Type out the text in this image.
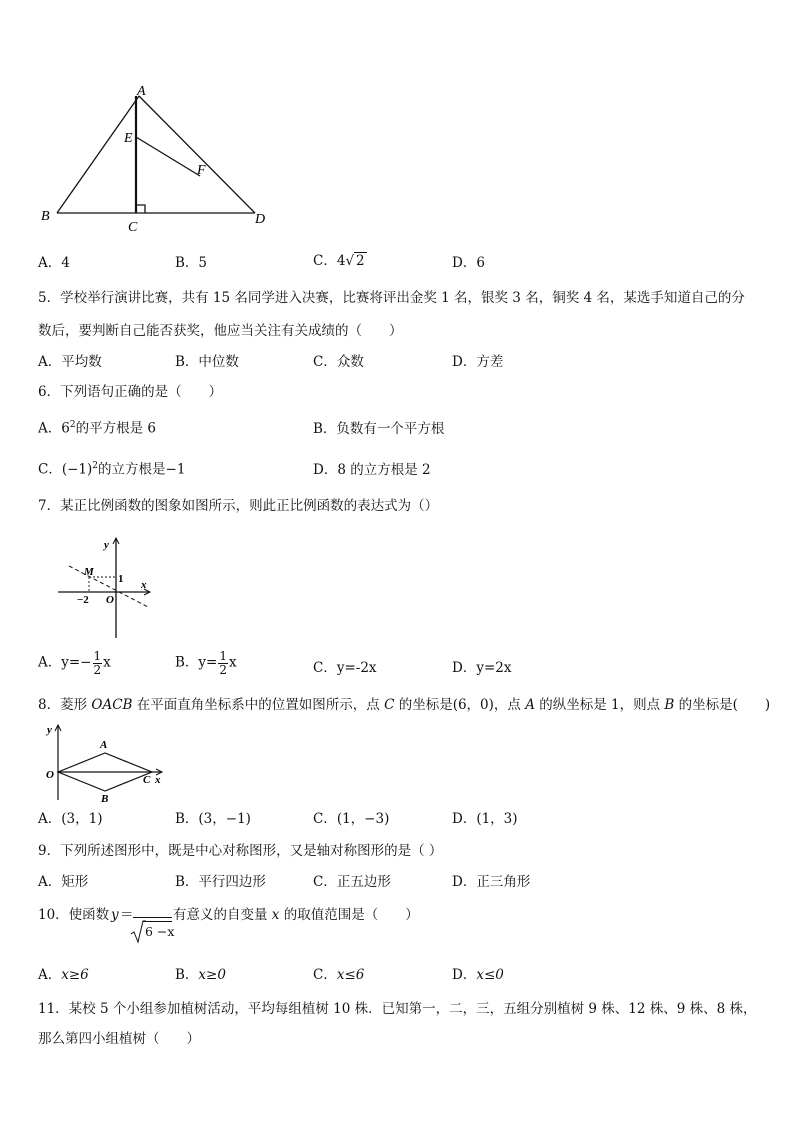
A
E
F
B
C
D
A．4	B．5	C．4√ 2	D．6
5．学校举行演讲比赛，共有 15 名同学进入决赛，比赛将评出金奖 1 名，银奖 3 名，铜奖 4 名，某选手知道自己的分
数后，要判断自己能否获奖，他应当关注有关成绩的（　　）
A．平均数	B．中位数	C．众数	D．方差
6．下列语句正确的是（　　）
A．$6^2$的平方根是 6	B．负数有一个平方根
C．$(-1)^2$的立方根是−1	D．8 的立方根是 2
7．某正比例函数的图象如图所示，则此正比例函数的表达式为（）
y
M
1 x
−2 O
A．$y=- \frac{1}{2}$ x	B．$y= \frac{1}{2}$ x	C．y=-2x	D．y=2x
8．菱形 OACB 在平面直角坐标系中的位置如图所示，点 C 的坐标是(6，0)，点 A 的纵坐标是 1，则点 B 的坐标是(　　)
y
A
O	C x
B
A．(3，1)	B．(3，−1)	C．(1，−3)	D．(1，3)
9．下列所述图形中，既是中心对称图形，又是轴对称图形的是（ ）
A．矩形	B．平行四边形	C．正五边形	D．正三角形
10．使函数 y ＝
6 −x
有意义的自变量 x 的取值范围是（　　）
A．x≥6	B．x≥0	C．x≤6	D．x≤0
11．某校 5 个小组参加植树活动，平均每组植树 10 株．已知第一，二，三，五组分别植树 9 株、12 株、9 株、8 株，
那么第四小组植树（　　）
